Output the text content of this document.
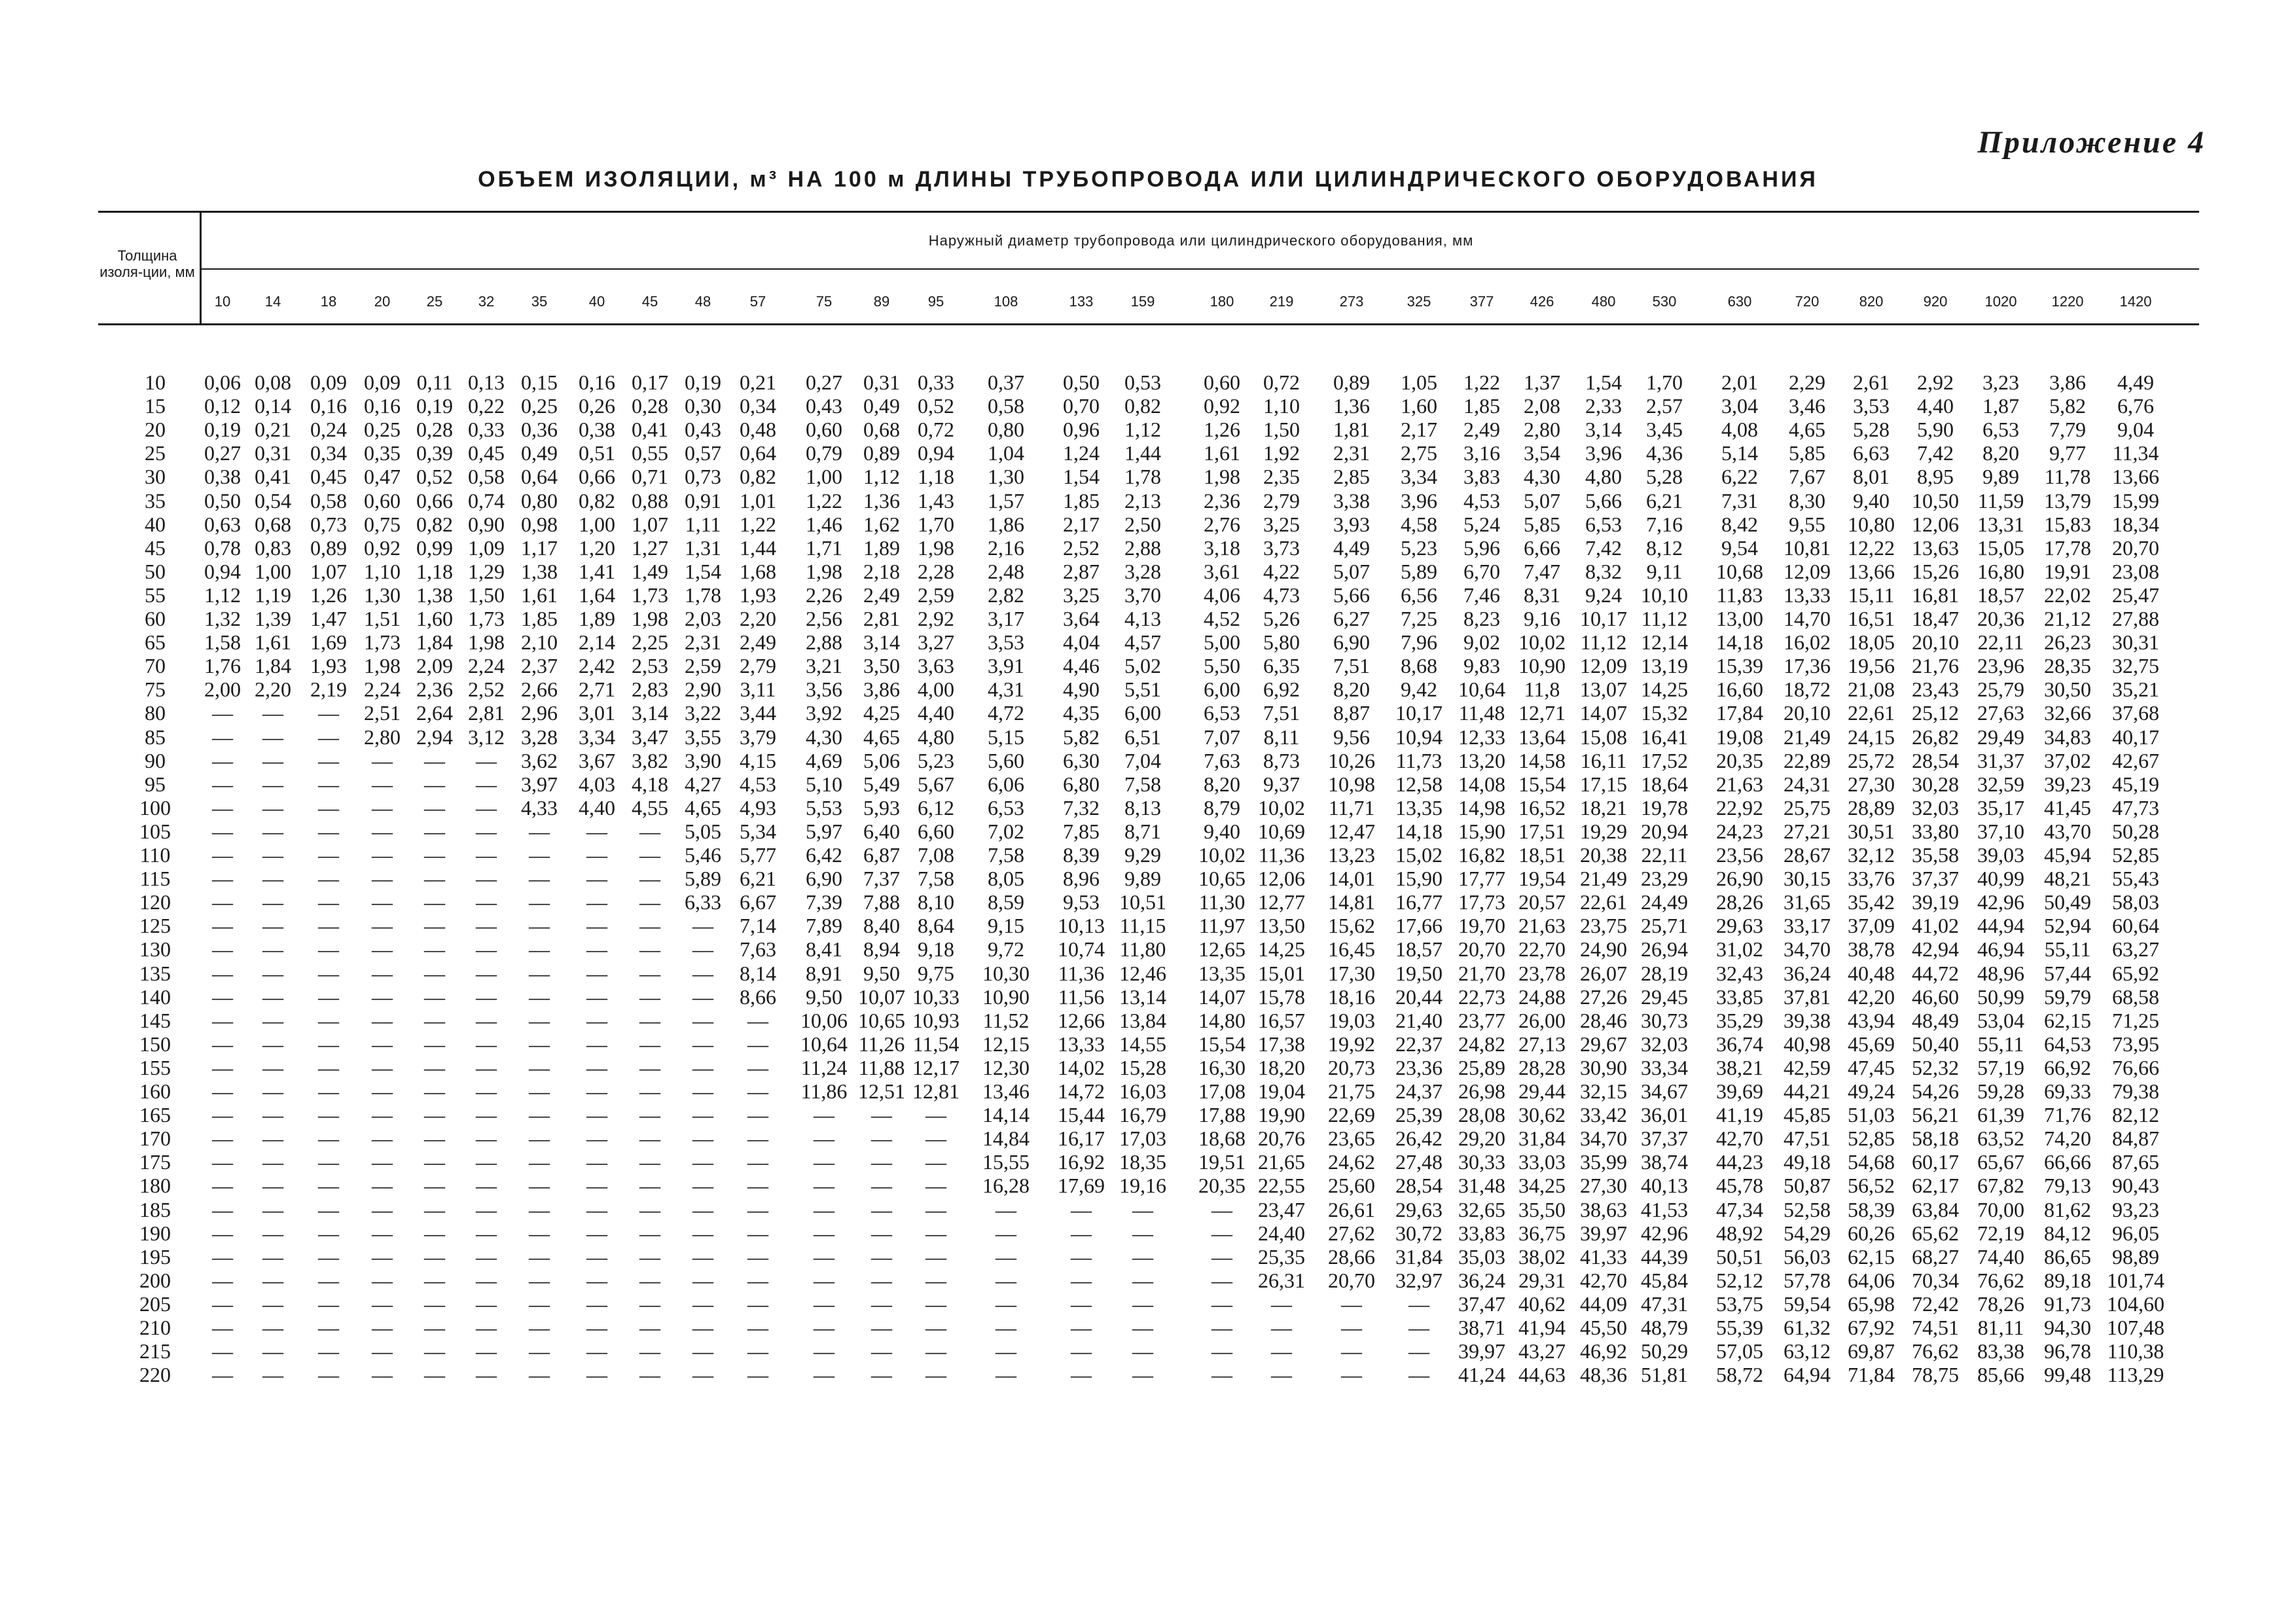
Приложение 4
ОБЪЕМ ИЗОЛЯЦИИ, м³ НА 100 м ДЛИНЫ ТРУБОПРОВОДА ИЛИ ЦИЛИНДРИЧЕСКОГО ОБОРУДОВАНИЯ
Толщина изоля-ции, мм
Наружный диаметр трубопровода или цилиндрического оборудования, мм
10	14	18	20	25	32	35	40	45	48	57	75	89	95	108	133	159	180	219	273	325	377	426	480	530	630	720	820	920	1020	1220	1420
10	0,06 0,08 0,09 0,09 0,11 0,13 0,15	0,16 0,17 0,19 0,21	0,27	0,31 0,33	0,37	0,50	0,53	0,60	0,72	0,89	1,05	1,22	1,37	1,54	1,70	2,01	2,29	2,61	2,92	3,23	3,86	4,49
15	0,12 0,14 0,16 0,16 0,19 0,22 0,25	0,26 0,28 0,30 0,34	0,43	0,49 0,52	0,58	0,70	0,82	0,92	1,10	1,36	1,60	1,85	2,08	2,33	2,57	3,04	3,46	3,53	4,40	1,87	5,82	6,76
20	0,19 0,21 0,24 0,25 0,28 0,33 0,36	0,38 0,41 0,43 0,48	0,60	0,68 0,72	0,80	0,96	1,12	1,26	1,50	1,81	2,17	2,49	2,80	3,14	3,45	4,08	4,65	5,28	5,90	6,53	7,79	9,04
25	0,27 0,31 0,34 0,35 0,39 0,45 0,49	0,51 0,55 0,57 0,64	0,79	0,89 0,94	1,04	1,24	1,44	1,61	1,92	2,31	2,75	3,16	3,54	3,96	4,36	5,14	5,85	6,63	7,42	8,20	9,77	11,34
30	0,38 0,41 0,45 0,47 0,52 0,58 0,64	0,66 0,71 0,73 0,82	1,00	1,12 1,18	1,30	1,54	1,78	1,98	2,35	2,85	3,34	3,83	4,30	4,80	5,28	6,22	7,67	8,01	8,95	9,89	11,78 13,66
35	0,50 0,54 0,58 0,60 0,66 0,74 0,80	0,82 0,88 0,91 1,01	1,22	1,36 1,43	1,57	1,85	2,13	2,36	2,79	3,38	3,96	4,53	5,07	5,66	6,21	7,31	8,30	9,40	10,50 11,59 13,79 15,99
40	0,63 0,68 0,73 0,75 0,82 0,90 0,98	1,00 1,07 1,11 1,22	1,46	1,62 1,70	1,86	2,17	2,50	2,76	3,25	3,93	4,58	5,24	5,85	6,53	7,16	8,42	9,55	10,80 12,06 13,31 15,83 18,34
45	0,78 0,83 0,89 0,92 0,99 1,09 1,17	1,20 1,27 1,31 1,44	1,71	1,89 1,98	2,16	2,52	2,88	3,18	3,73	4,49	5,23	5,96	6,66	7,42	8,12	9,54	10,81 12,22 13,63 15,05 17,78 20,70
50	0,94 1,00 1,07 1,10 1,18 1,29 1,38	1,41 1,49 1,54 1,68	1,98	2,18 2,28	2,48	2,87	3,28	3,61	4,22	5,07	5,89	6,70	7,47	8,32	9,11	10,68 12,09 13,66 15,26 16,80 19,91 23,08
55	1,12 1,19 1,26 1,30 1,38 1,50 1,61	1,64 1,73 1,78 1,93	2,26	2,49 2,59	2,82	3,25	3,70	4,06	4,73	5,66	6,56	7,46	8,31	9,24 10,10 11,83 13,33 15,11 16,81 18,57 22,02 25,47
60	1,32 1,39 1,47 1,51 1,60 1,73 1,85	1,89 1,98 2,03 2,20	2,56	2,81 2,92	3,17	3,64	4,13	4,52	5,26	6,27	7,25	8,23	9,16 10,17 11,12 13,00 14,70 16,51 18,47 20,36 21,12 27,88
65	1,58 1,61 1,69 1,73 1,84 1,98 2,10	2,14 2,25 2,31 2,49	2,88	3,14 3,27	3,53	4,04	4,57	5,00	5,80	6,90	7,96	9,02 10,02 11,12 12,14 14,18 16,02 18,05 20,10 22,11 26,23 30,31
70	1,76 1,84 1,93 1,98 2,09 2,24 2,37	2,42 2,53 2,59 2,79	3,21	3,50 3,63	3,91	4,46	5,02	5,50	6,35	7,51	8,68	9,83 10,90 12,09 13,19 15,39 17,36 19,56 21,76 23,96 28,35 32,75
75	2,00 2,20 2,19 2,24 2,36 2,52 2,66	2,71 2,83 2,90 3,11	3,56	3,86 4,00	4,31	4,90	5,51	6,00	6,92	8,20	9,42	10,64 11,8 13,07 14,25 16,60 18,72 21,08 23,43 25,79 30,50 35,21
80	—	—	—	2,51 2,64 2,81 2,96	3,01 3,14 3,22 3,44	3,92	4,25 4,40	4,72	4,35	6,00	6,53	7,51	8,87	10,17 11,48 12,71 14,07 15,32 17,84 20,10 22,61 25,12 27,63 32,66 37,68
85	—	—	—	2,80 2,94 3,12 3,28	3,34 3,47 3,55 3,79	4,30	4,65 4,80	5,15	5,82	6,51	7,07	8,11	9,56	10,94 12,33 13,64 15,08 16,41 19,08 21,49 24,15 26,82 29,49 34,83 40,17
90	—	—	—	—	—	—	3,62	3,67 3,82 3,90 4,15	4,69	5,06 5,23	5,60	6,30	7,04	7,63	8,73	10,26 11,73 13,20 14,58 16,11 17,52 20,35 22,89 25,72 28,54 31,37 37,02 42,67
95	—	—	—	—	—	—	3,97	4,03 4,18 4,27 4,53	5,10	5,49 5,67	6,06	6,80	7,58	8,20	9,37	10,98 12,58 14,08 15,54 17,15 18,64 21,63 24,31 27,30 30,28 32,59 39,23 45,19
100	—	—	—	—	—	—	4,33	4,40 4,55 4,65 4,93	5,53	5,93 6,12	6,53	7,32	8,13	8,79 10,02 11,71 13,35 14,98 16,52 18,21 19,78 22,92 25,75 28,89 32,03 35,17 41,45 47,73
105	—	—	—	—	—	—	—	—	—	5,05 5,34	5,97	6,40 6,60	7,02	7,85	8,71	9,40 10,69 12,47 14,18 15,90 17,51 19,29 20,94 24,23 27,21 30,51 33,80 37,10 43,70 50,28
110	—	—	—	—	—	—	—	—	—	5,46 5,77	6,42	6,87 7,08	7,58	8,39	9,29	10,02 11,36 13,23 15,02 16,82 18,51 20,38 22,11 23,56 28,67 32,12 35,58 39,03 45,94 52,85
115	—	—	—	—	—	—	—	—	—	5,89 6,21	6,90	7,37 7,58	8,05	8,96	9,89	10,65 12,06 14,01 15,90 17,77 19,54 21,49 23,29 26,90 30,15 33,76 37,37 40,99 48,21 55,43
120	—	—	—	—	—	—	—	—	—	6,33 6,67	7,39	7,88 8,10	8,59	9,53 10,51 11,30 12,77 14,81 16,77 17,73 20,57 22,61 24,49 28,26 31,65 35,42 39,19 42,96 50,49 58,03
125	—	—	—	—	—	—	—	—	—	—	7,14	7,89	8,40 8,64	9,15	10,13 11,15 11,97 13,50 15,62 17,66 19,70 21,63 23,75 25,71 29,63 33,17 37,09 41,02 44,94 52,94 60,64
130	—	—	—	—	—	—	—	—	—	—	7,63	8,41	8,94 9,18	9,72	10,74 11,80 12,65 14,25 16,45 18,57 20,70 22,70 24,90 26,94 31,02 34,70 38,78 42,94 46,94 55,11 63,27
135	—	—	—	—	—	—	—	—	—	—	8,14	8,91	9,50 9,75	10,30 11,36 12,46 13,35 15,01 17,30 19,50 21,70 23,78 26,07 28,19 32,43 36,24 40,48 44,72 48,96 57,44 65,92
140	—	—	—	—	—	—	—	—	—	—	8,66	9,50 10,07 10,33 10,90 11,56 13,14 14,07 15,78 18,16 20,44 22,73 24,88 27,26 29,45 33,85 37,81 42,20 46,60 50,99 59,79 68,58
145	—	—	—	—	—	—	—	—	—	—	—	10,06 10,65 10,93 11,52 12,66 13,84 14,80 16,57 19,03 21,40 23,77 26,00 28,46 30,73 35,29 39,38 43,94 48,49 53,04 62,15 71,25
150	—	—	—	—	—	—	—	—	—	—	—	10,64 11,26 11,54 12,15 13,33 14,55 15,54 17,38 19,92 22,37 24,82 27,13 29,67 32,03 36,74 40,98 45,69 50,40 55,11 64,53 73,95
155	—	—	—	—	—	—	—	—	—	—	—	11,24 11,88 12,17 12,30 14,02 15,28 16,30 18,20 20,73 23,36 25,89 28,28 30,90 33,34 38,21 42,59 47,45 52,32 57,19 66,92 76,66
160	—	—	—	—	—	—	—	—	—	—	—	11,86 12,51 12,81 13,46 14,72 16,03 17,08 19,04 21,75 24,37 26,98 29,44 32,15 34,67 39,69 44,21 49,24 54,26 59,28 69,33 79,38
165	—	—	—	—	—	—	—	—	—	—	—	—	—	—	14,14 15,44 16,79 17,88 19,90 22,69 25,39 28,08 30,62 33,42 36,01 41,19 45,85 51,03 56,21 61,39 71,76 82,12
170	—	—	—	—	—	—	—	—	—	—	—	—	—	—	14,84 16,17 17,03 18,68 20,76 23,65 26,42 29,20 31,84 34,70 37,37 42,70 47,51 52,85 58,18 63,52 74,20 84,87
175	—	—	—	—	—	—	—	—	—	—	—	—	—	—	15,55 16,92 18,35 19,51 21,65 24,62 27,48 30,33 33,03 35,99 38,74 44,23 49,18 54,68 60,17 65,67 66,66 87,65
180	—	—	—	—	—	—	—	—	—	—	—	—	—	—	16,28 17,69 19,16 20,35 22,55 25,60 28,54 31,48 34,25 27,30 40,13 45,78 50,87 56,52 62,17 67,82 79,13 90,43
185	—	—	—	—	—	—	—	—	—	—	—	—	—	—	—	—	—	—	23,47 26,61 29,63 32,65 35,50 38,63 41,53 47,34 52,58 58,39 63,84 70,00 81,62 93,23
190	—	—	—	—	—	—	—	—	—	—	—	—	—	—	—	—	—	—	24,40 27,62 30,72 33,83 36,75 39,97 42,96 48,92 54,29 60,26 65,62 72,19 84,12 96,05
195	—	—	—	—	—	—	—	—	—	—	—	—	—	—	—	—	—	—	25,35 28,66 31,84 35,03 38,02 41,33 44,39 50,51 56,03 62,15 68,27 74,40 86,65 98,89
200	—	—	—	—	—	—	—	—	—	—	—	—	—	—	—	—	—	—	26,31 20,70 32,97 36,24 29,31 42,70 45,84 52,12 57,78 64,06 70,34 76,62 89,18 101,74
205	—	—	—	—	—	—	—	—	—	—	—	—	—	—	—	—	—	—	—	—	—	37,47 40,62 44,09 47,31 53,75 59,54 65,98 72,42 78,26 91,73 104,60
210	—	—	—	—	—	—	—	—	—	—	—	—	—	—	—	—	—	—	—	—	—	38,71 41,94 45,50 48,79 55,39 61,32 67,92 74,51 81,11 94,30 107,48
215	—	—	—	—	—	—	—	—	—	—	—	—	—	—	—	—	—	—	—	—	—	39,97 43,27 46,92 50,29 57,05 63,12 69,87 76,62 83,38 96,78 110,38
220	—	—	—	—	—	—	—	—	—	—	—	—	—	—	—	—	—	—	—	—	—	41,24 44,63 48,36 51,81 58,72 64,94 71,84 78,75 85,66 99,48 113,29
